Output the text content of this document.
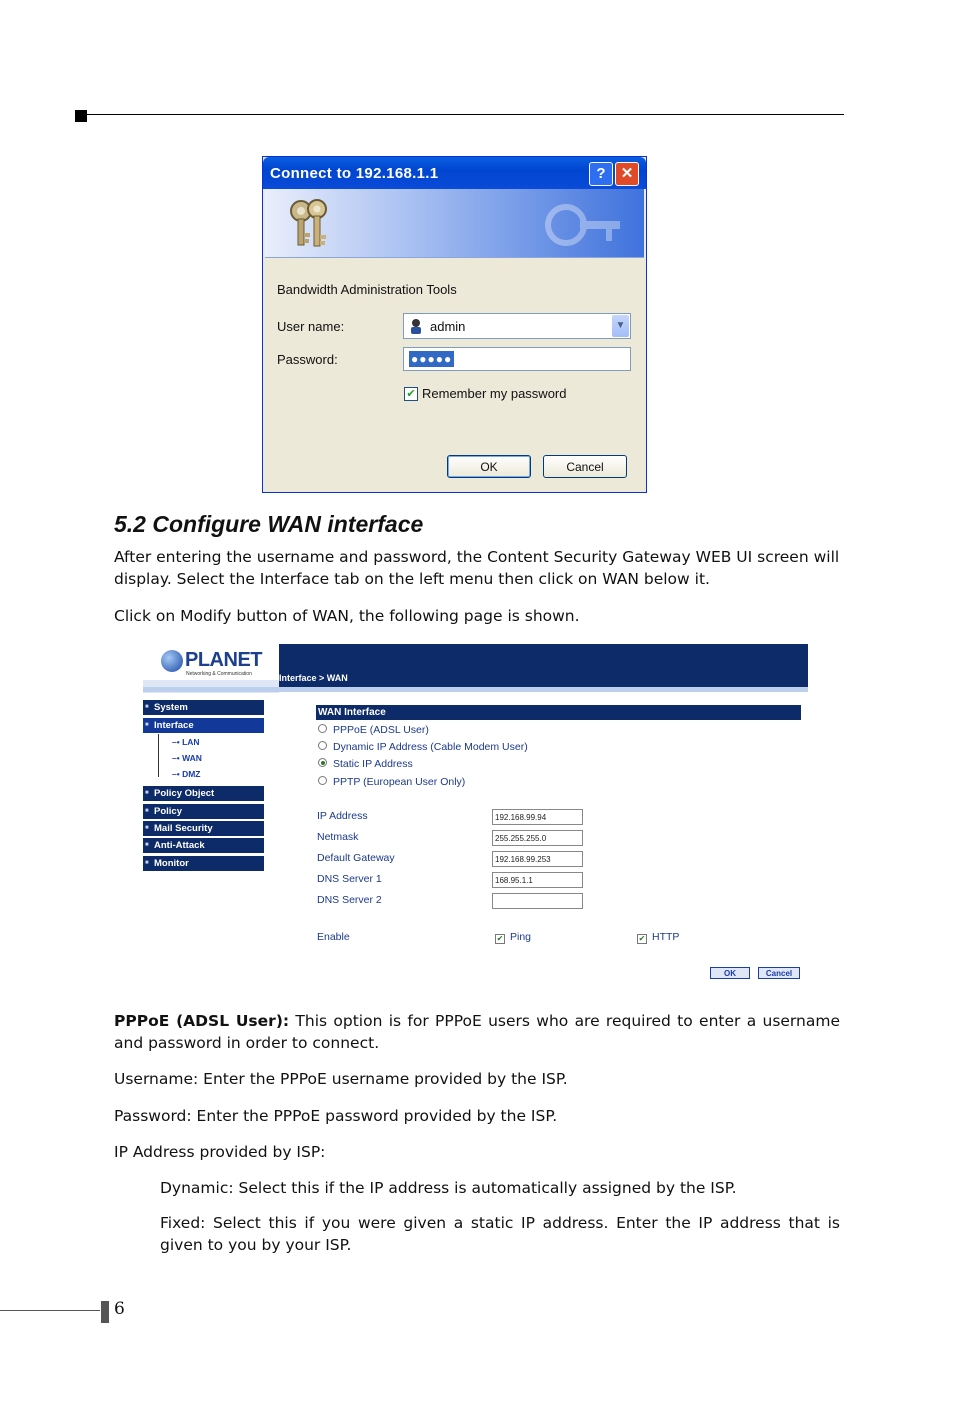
Connect to 192.168.1.1	?	✕
Bandwidth Administration Tools
User name:	admin	▼
Password:	●●●●●
✔ Remember my password
OK	Cancel
5.2 Configure WAN interface
After entering the username and password, the Content Security Gateway WEB UI screen will display. Select the Interface tab on the left menu then click on WAN below it.
Click on Modify button of WAN, the following page is shown.
PLANET
Networking & Communication	Interface > WAN
■ System
■ Interface
–• LAN
–• WAN
–• DMZ
■ Policy Object
■ Policy
■ Mail Security
■ Anti-Attack
■ Monitor
WAN Interface
PPPoE (ADSL User)
Dynamic IP Address (Cable Modem User)
Static IP Address
PPTP (European User Only)
IP Address	192.168.99.94
Netmask	255.255.255.0
Default Gateway	192.168.99.253
DNS Server 1	168.95.1.1
DNS Server 2
Enable	✔ Ping	✔ HTTP
OK	Cancel
PPPoE (ADSL User): This option is for PPPoE users who are required to enter a username and password in order to connect.
Username: Enter the PPPoE username provided by the ISP.
Password: Enter the PPPoE password provided by the ISP.
IP Address provided by ISP:
Dynamic: Select this if the IP address is automatically assigned by the ISP.
Fixed: Select this if you were given a static IP address. Enter the IP address that is given to you by your ISP.
6
